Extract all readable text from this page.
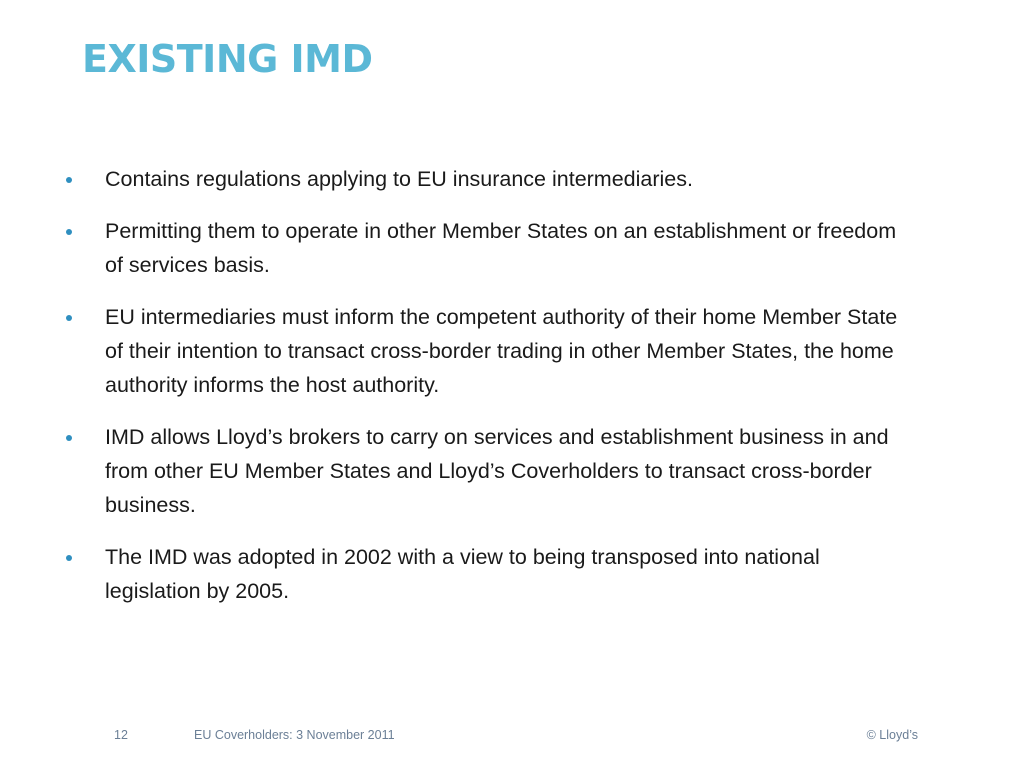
EXISTING IMD
Contains regulations applying to EU insurance intermediaries.
Permitting them to operate in other Member States on an establishment or freedom of services basis.
EU intermediaries must inform the competent authority of their home Member State of their intention to transact cross-border trading in other Member States, the home authority informs the host authority.
IMD allows Lloyd’s brokers to carry on services and establishment business in and from other EU Member States and Lloyd’s Coverholders to transact cross-border business.
The IMD was adopted in 2002 with a view to being transposed into national legislation by 2005.
12	EU Coverholders: 3 November 2011	© Lloyd’s
